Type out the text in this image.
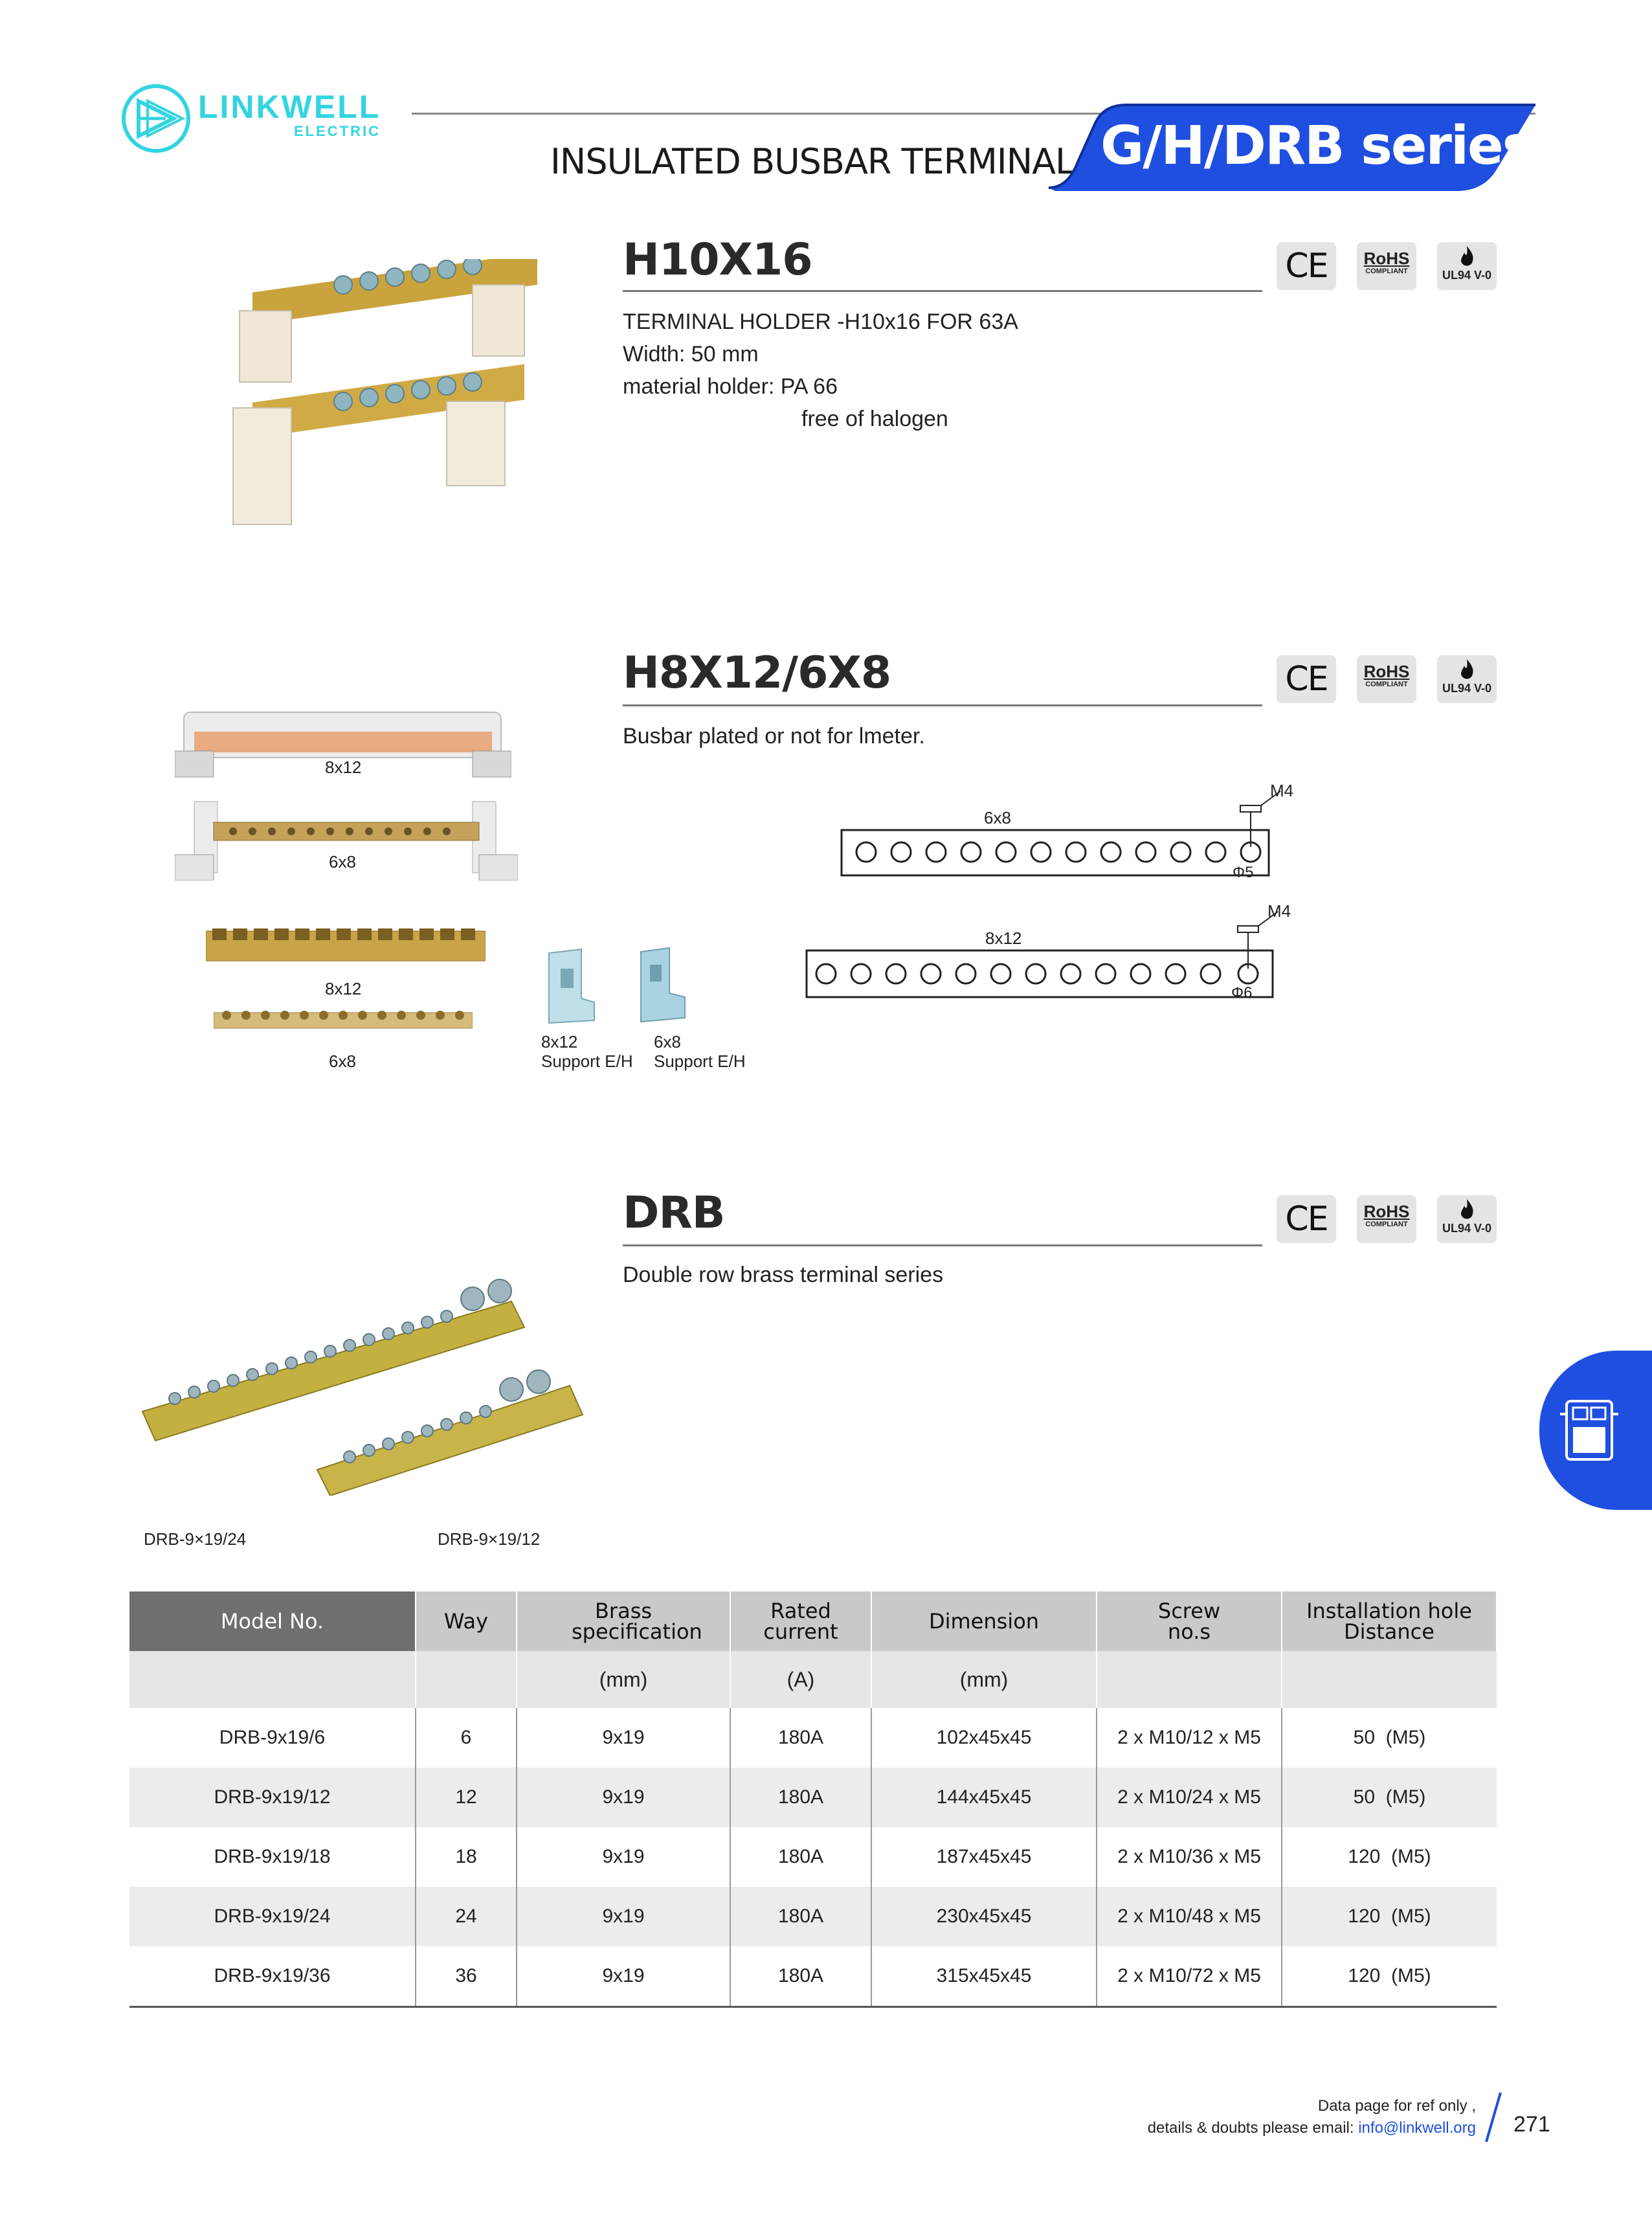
LINKWELL
ELECTRIC
INSULATED BUSBAR TERMINAL G/H/DRB series
H10X16	CE	RoHS
COMPLIANT	UL94 V-0
TERMINAL HOLDER -H10x16 FOR 63A
Width: 50 mm
material holder: PA 66
free of halogen
8x12
6x8
8x12
6x8
8x12
Support E/H
6x8
Support E/H
H8X12/6X8	CE	RoHS
COMPLIANT	UL94 V-0
Busbar plated or not for lmeter.
6x8
M4
Φ5
8x12
M4
Φ6
DRB	CE	RoHS
COMPLIANT	UL94 V-0
Double row brass terminal series
DRB-9×19/24	DRB-9×19/12
Model No.	Way	Brass specification	Rated current	Dimension	Screw no.s	Installation hole Distance

		(mm)	(A)	(mm)		
DRB-9x19/6	6	9x19	180A	102x45x45	2 x M10/12 x M5	50  (M5)
DRB-9x19/12	12	9x19	180A	144x45x45	2 x M10/24 x M5	50  (M5)
DRB-9x19/18	18	9x19	180A	187x45x45	2 x M10/36 x M5	120  (M5)
DRB-9x19/24	24	9x19	180A	230x45x45	2 x M10/48 x M5	120  (M5)
DRB-9x19/36	36	9x19	180A	315x45x45	2 x M10/72 x M5	120  (M5)
Data page for ref only ,
details & doubts please email: info@linkwell.org 271
